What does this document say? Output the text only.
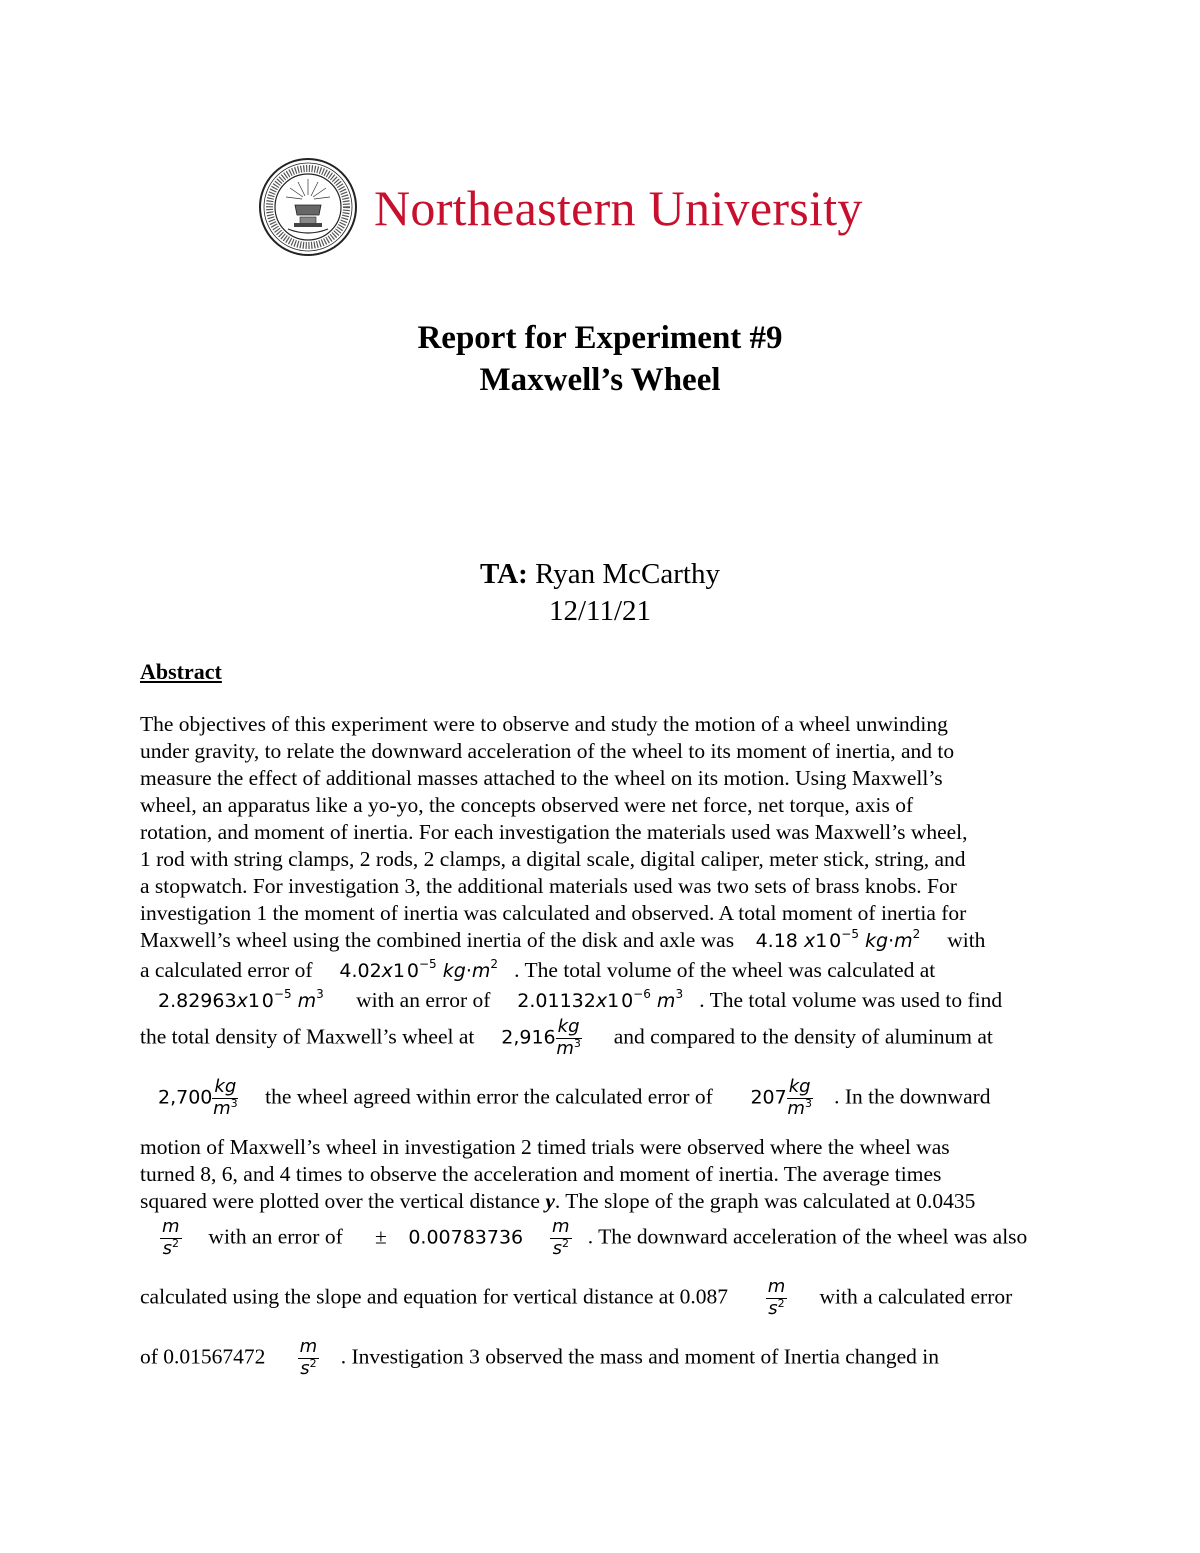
Northeastern University
Report for Experiment #9
Maxwell’s Wheel
TA: Ryan McCarthy
12/11/21
Abstract
The objectives of this experiment were to observe and study the motion of a wheel unwinding
under gravity, to relate the downward acceleration of the wheel to its moment of inertia, and to
measure the effect of additional masses attached to the wheel on its motion. Using Maxwell’s
wheel, an apparatus like a yo-yo, the concepts observed were net force, net torque, axis of
rotation, and moment of inertia. For each investigation the materials used was Maxwell’s wheel,
1 rod with string clamps, 2 rods, 2 clamps, a digital scale, digital caliper, meter stick, string, and
a stopwatch. For investigation 3, the additional materials used was two sets of brass knobs. For
investigation 1 the moment of inertia was calculated and observed. A total moment of inertia for
Maxwell’s wheel using the combined inertia of the disk and axle was 4.18 x1 $0^{-5}$ $kg\cdot m^2$ with
a calculated error of 4.02x1 $0^{-5}$ $kg\cdot m^2$ . The total volume of the wheel was calculated at
2.82963x1 $0^{-5}$ $m^3$ with an error of 2.01132x1 $0^{-6}$ $m^3$ . The total volume was used to find
the total density of Maxwell’s wheel at $2,916 \frac{kg}{m^3}$ and compared to the density of aluminum at
$2,700 \frac{kg}{m^3}$ the wheel agreed within error the calculated error of $207 \frac{kg}{m^3}$ . In the downward
motion of Maxwell’s wheel in investigation 2 timed trials were observed where the wheel was
turned 8, 6, and 4 times to observe the acceleration and moment of inertia. The average times
squared were plotted over the vertical distance y. The slope of the graph was calculated at 0.0435
$\frac{m}{s^2}$ with an error of ± $0.00783736 \frac{m}{s^2}$ . The downward acceleration of the wheel was also
calculated using the slope and equation for vertical distance at $0.087 \frac{m}{s^2}$ with a calculated error
of $0.01567472 \frac{m}{s^2}$ . Investigation 3 observed the mass and moment of Inertia changed in
